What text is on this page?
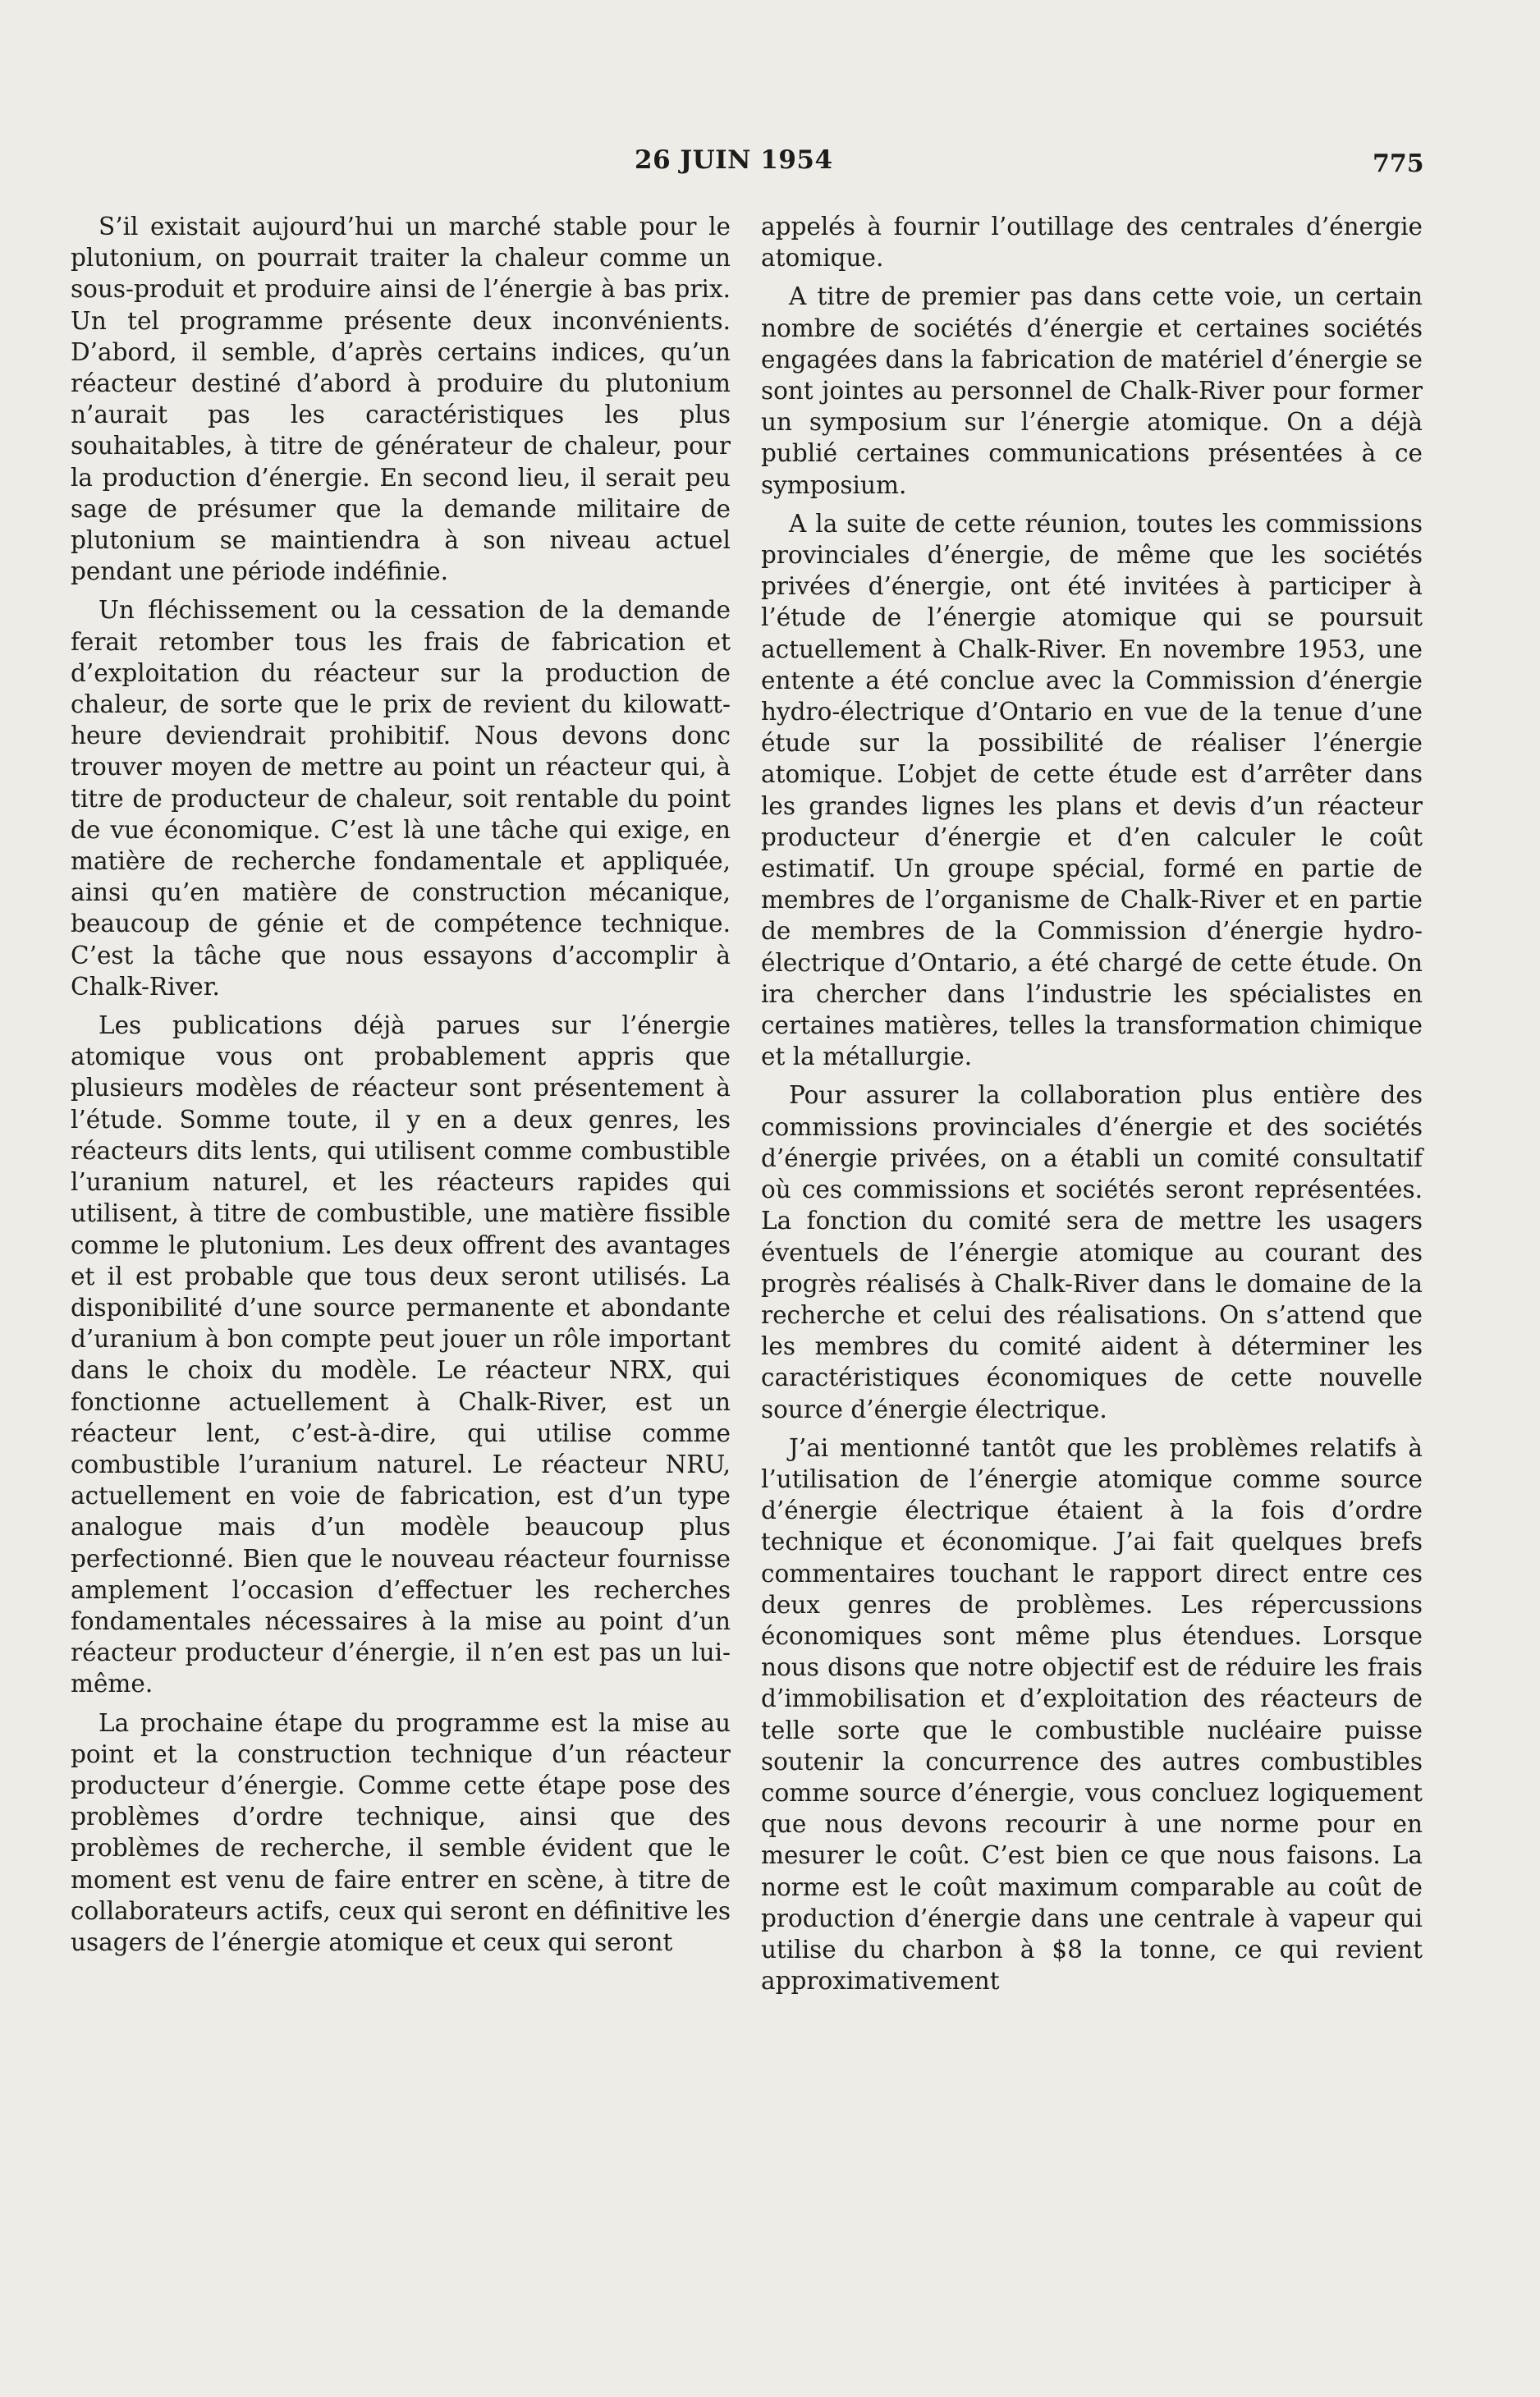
26 JUIN 1954	775

S’il existait aujourd’hui un marché stable pour le plutonium, on pourrait traiter la chaleur comme un sous-produit et produire ainsi de l’énergie à bas prix. Un tel programme présente deux inconvénients. D’abord, il semble, d’après certains indices, qu’un réacteur destiné d’abord à produire du plutonium n’aurait pas les caractéristiques les plus souhaitables, à titre de générateur de chaleur, pour la production d’énergie. En second lieu, il serait peu sage de présumer que la demande militaire de plutonium se maintiendra à son niveau actuel pendant une période indéfinie.

Un fléchissement ou la cessation de la demande ferait retomber tous les frais de fabrication et d’exploitation du réacteur sur la production de chaleur, de sorte que le prix de revient du kilowatt-heure deviendrait prohibitif. Nous devons donc trouver moyen de mettre au point un réacteur qui, à titre de producteur de chaleur, soit rentable du point de vue économique. C’est là une tâche qui exige, en matière de recherche fondamentale et appliquée, ainsi qu’en matière de construction mécanique, beaucoup de génie et de compétence technique. C’est la tâche que nous essayons d’accomplir à Chalk-River.

Les publications déjà parues sur l’énergie atomique vous ont probablement appris que plusieurs modèles de réacteur sont présentement à l’étude. Somme toute, il y en a deux genres, les réacteurs dits lents, qui utilisent comme combustible l’uranium naturel, et les réacteurs rapides qui utilisent, à titre de combustible, une matière fissible comme le plutonium. Les deux offrent des avantages et il est probable que tous deux seront utilisés. La disponibilité d’une source permanente et abondante d’uranium à bon compte peut jouer un rôle important dans le choix du modèle. Le réacteur NRX, qui fonctionne actuellement à Chalk-River, est un réacteur lent, c’est-à-dire, qui utilise comme combustible l’uranium naturel. Le réacteur NRU, actuellement en voie de fabrication, est d’un type analogue mais d’un modèle beaucoup plus perfectionné. Bien que le nouveau réacteur fournisse amplement l’occasion d’effectuer les recherches fondamentales nécessaires à la mise au point d’un réacteur producteur d’énergie, il n’en est pas un lui-même.

La prochaine étape du programme est la mise au point et la construction technique d’un réacteur producteur d’énergie. Comme cette étape pose des problèmes d’ordre technique, ainsi que des problèmes de recherche, il semble évident que le moment est venu de faire entrer en scène, à titre de collaborateurs actifs, ceux qui seront en définitive les usagers de l’énergie atomique et ceux qui seront

appelés à fournir l’outillage des centrales d’énergie atomique.

A titre de premier pas dans cette voie, un certain nombre de sociétés d’énergie et certaines sociétés engagées dans la fabrication de matériel d’énergie se sont jointes au personnel de Chalk-River pour former un symposium sur l’énergie atomique. On a déjà publié certaines communications présentées à ce symposium.

A la suite de cette réunion, toutes les commissions provinciales d’énergie, de même que les sociétés privées d’énergie, ont été invitées à participer à l’étude de l’énergie atomique qui se poursuit actuellement à Chalk-River. En novembre 1953, une entente a été conclue avec la Commission d’énergie hydro-électrique d’Ontario en vue de la tenue d’une étude sur la possibilité de réaliser l’énergie atomique. L’objet de cette étude est d’arrêter dans les grandes lignes les plans et devis d’un réacteur producteur d’énergie et d’en calculer le coût estimatif. Un groupe spécial, formé en partie de membres de l’organisme de Chalk-River et en partie de membres de la Commission d’énergie hydro-électrique d’Ontario, a été chargé de cette étude. On ira chercher dans l’industrie les spécialistes en certaines matières, telles la transformation chimique et la métallurgie.

Pour assurer la collaboration plus entière des commissions provinciales d’énergie et des sociétés d’énergie privées, on a établi un comité consultatif où ces commissions et sociétés seront représentées. La fonction du comité sera de mettre les usagers éventuels de l’énergie atomique au courant des progrès réalisés à Chalk-River dans le domaine de la recherche et celui des réalisations. On s’attend que les membres du comité aident à déterminer les caractéristiques économiques de cette nouvelle source d’énergie électrique.

J’ai mentionné tantôt que les problèmes relatifs à l’utilisation de l’énergie atomique comme source d’énergie électrique étaient à la fois d’ordre technique et économique. J’ai fait quelques brefs commentaires touchant le rapport direct entre ces deux genres de problèmes. Les répercussions économiques sont même plus étendues. Lorsque nous disons que notre objectif est de réduire les frais d’immobilisation et d’exploitation des réacteurs de telle sorte que le combustible nucléaire puisse soutenir la concurrence des autres combustibles comme source d’énergie, vous concluez logiquement que nous devons recourir à une norme pour en mesurer le coût. C’est bien ce que nous faisons. La norme est le coût maximum comparable au coût de production d’énergie dans une centrale à vapeur qui utilise du charbon à $8 la tonne, ce qui revient approximativement
